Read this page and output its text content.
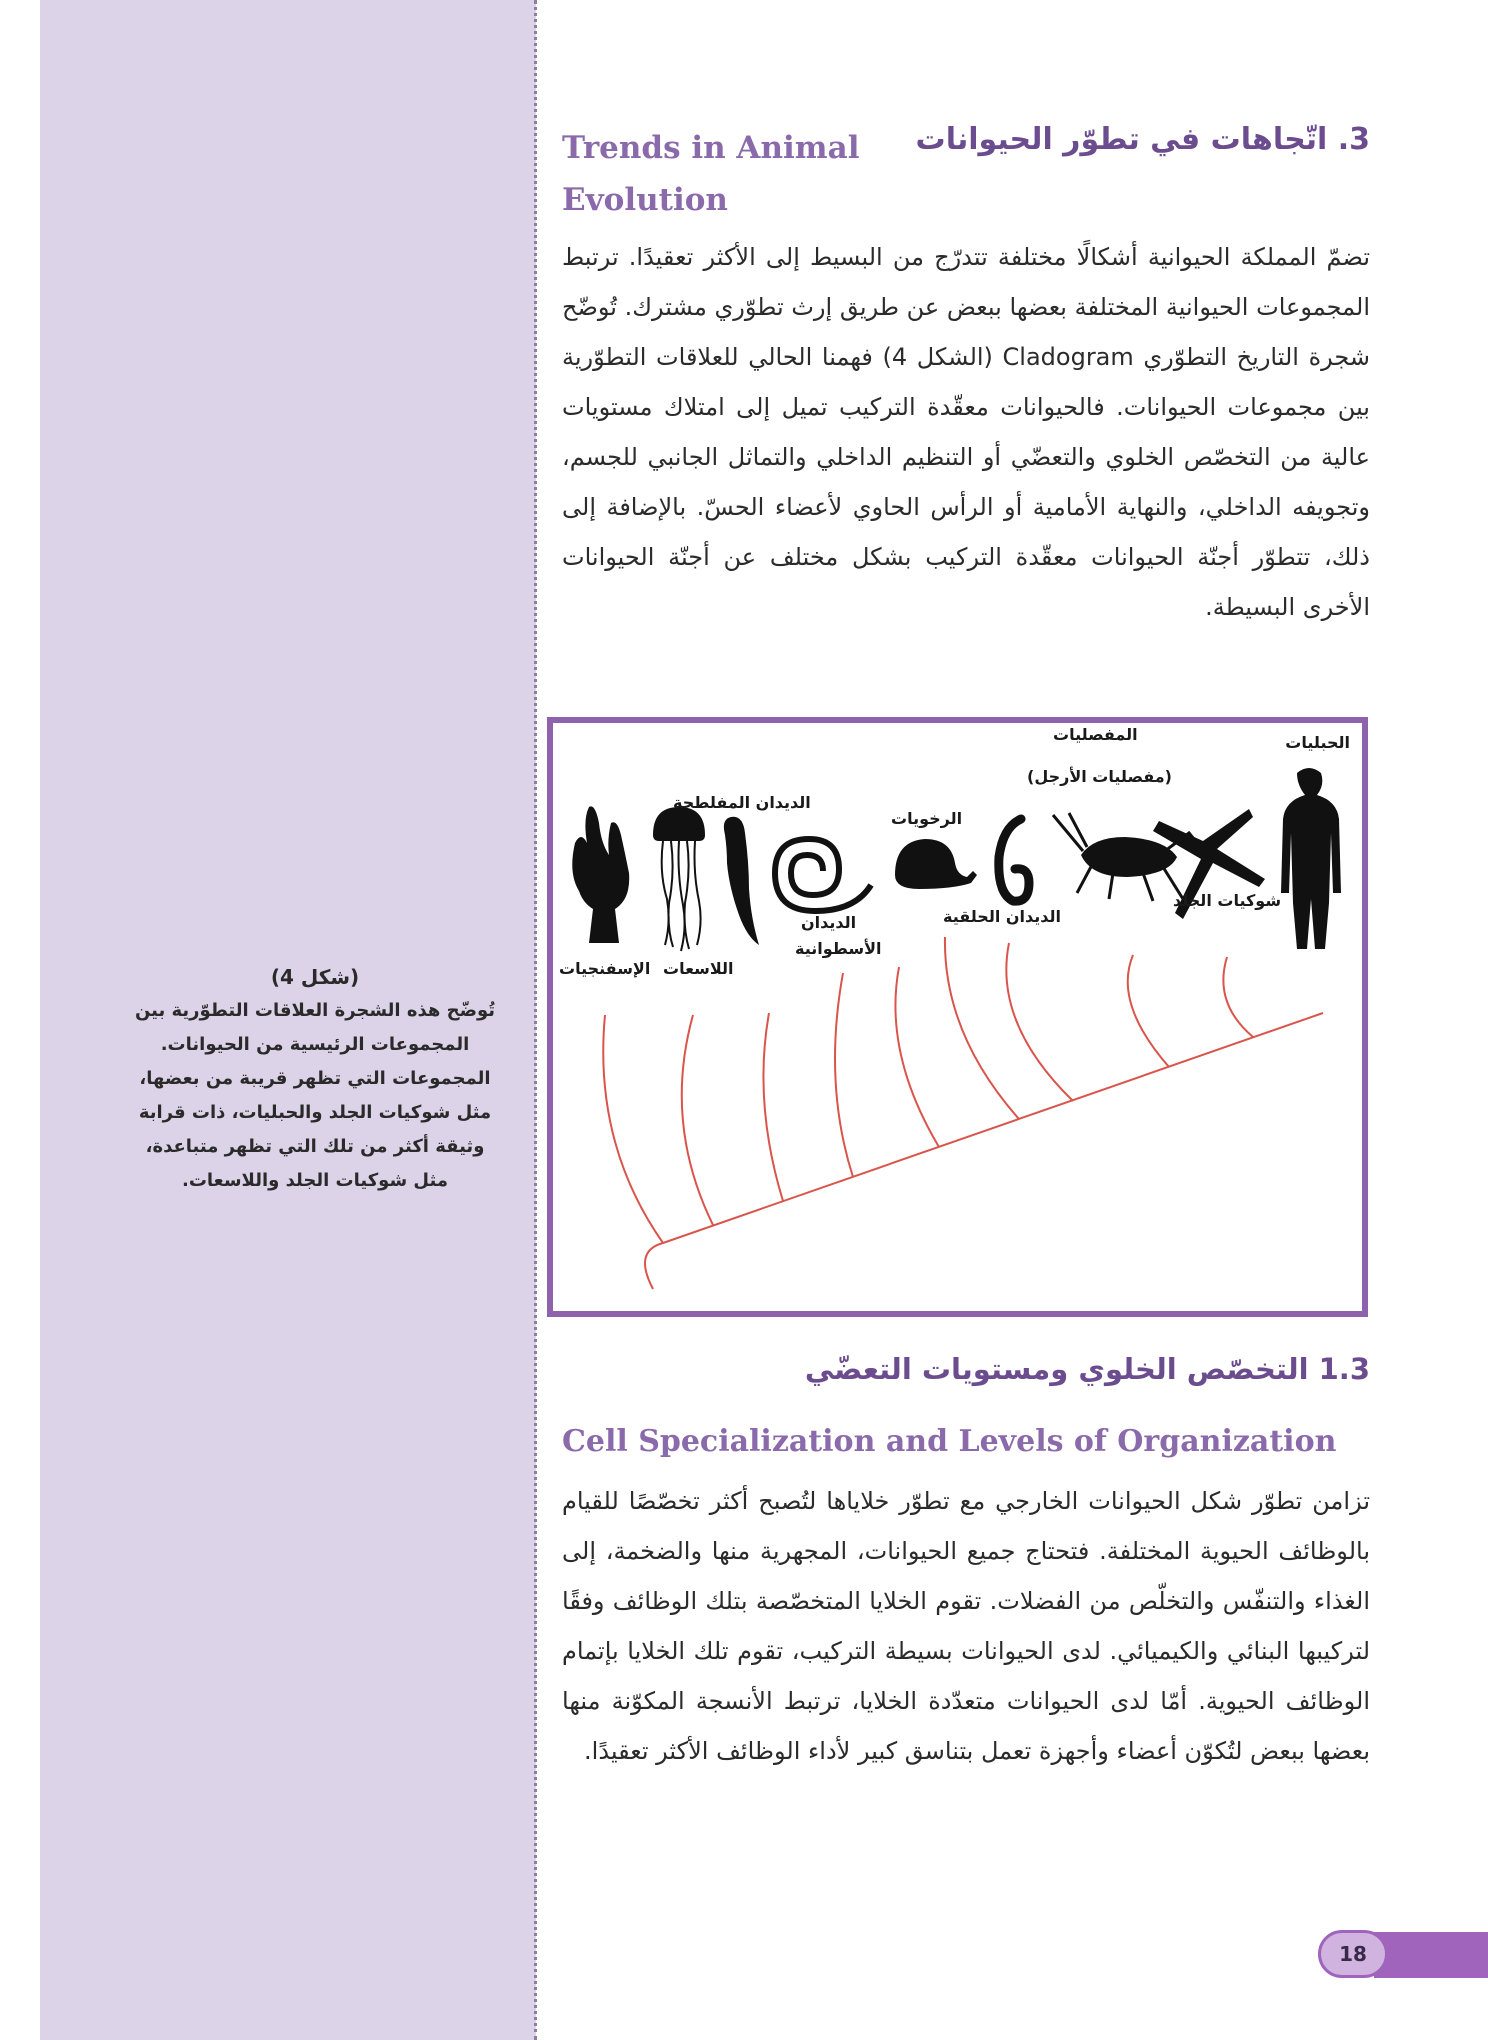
(شكل 4)
تُوضّح هذه الشجرة العلاقات التطوّرية بين المجموعات الرئيسية من الحيوانات. المجموعات التي تظهر قريبة من بعضها، مثل شوكيات الجلد والحبليات، ذات قرابة وثيقة أكثر من تلك التي تظهر متباعدة، مثل شوكيات الجلد واللاسعات.
3. اتّجاهات في تطوّر الحيوانات
Trends in Animal Evolution
تضمّ المملكة الحيوانية أشكالًا مختلفة تتدرّج من البسيط إلى الأكثر تعقيدًا. ترتبط المجموعات الحيوانية المختلفة بعضها ببعض عن طريق إرث تطوّري مشترك. تُوضّح شجرة التاريخ التطوّري Cladogram (الشكل 4) فهمنا الحالي للعلاقات التطوّرية بين مجموعات الحيوانات. فالحيوانات معقّدة التركيب تميل إلى امتلاك مستويات عالية من التخصّص الخلوي والتعضّي أو التنظيم الداخلي والتماثل الجانبي للجسم، وتجويفه الداخلي، والنهاية الأمامية أو الرأس الحاوي لأعضاء الحسّ. بالإضافة إلى ذلك، تتطوّر أجنّة الحيوانات معقّدة التركيب بشكل مختلف عن أجنّة الحيوانات الأخرى البسيطة.
الحبليات
المفصليات
(مفصليات الأرجل)
شوكيات الجلد
الديدان الحلقية
الرخويات
الديدان
الأسطوانية
الديدان المفلطحة
اللاسعات
الإسفنجيات
1.3 التخصّص الخلوي ومستويات التعضّي
Cell Specialization and Levels of Organization
تزامن تطوّر شكل الحيوانات الخارجي مع تطوّر خلاياها لتُصبح أكثر تخصّصًا للقيام بالوظائف الحيوية المختلفة. فتحتاج جميع الحيوانات، المجهرية منها والضخمة، إلى الغذاء والتنفّس والتخلّص من الفضلات. تقوم الخلايا المتخصّصة بتلك الوظائف وفقًا لتركيبها البنائي والكيميائي. لدى الحيوانات بسيطة التركيب، تقوم تلك الخلايا بإتمام الوظائف الحيوية. أمّا لدى الحيوانات متعدّدة الخلايا، ترتبط الأنسجة المكوّنة منها بعضها ببعض لتُكوّن أعضاء وأجهزة تعمل بتناسق كبير لأداء الوظائف الأكثر تعقيدًا.
18
